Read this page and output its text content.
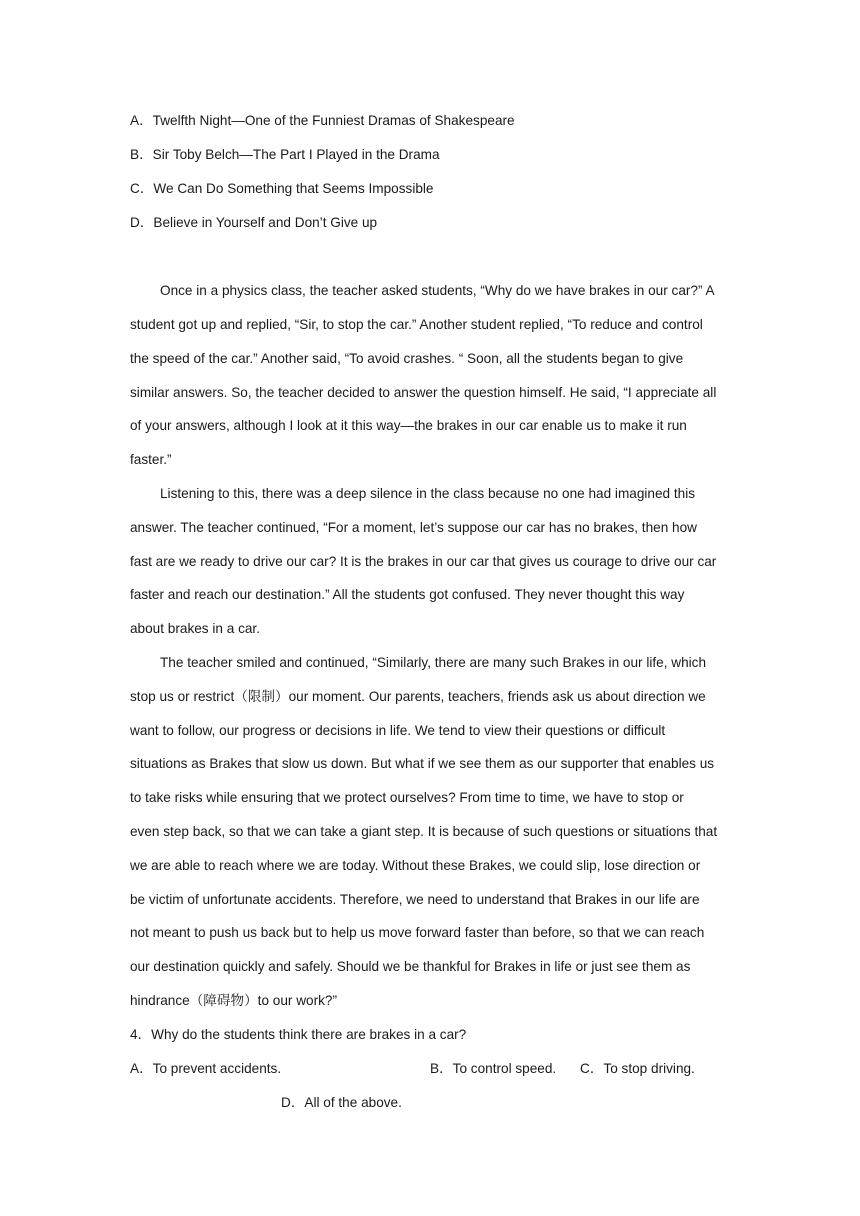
A．Twelfth Night—One of the Funniest Dramas of Shakespeare
B．Sir Toby Belch—The Part I Played in the Drama
C．We Can Do Something that Seems Impossible
D．Believe in Yourself and Don’t Give up
Once in a physics class, the teacher asked students, “Why do we have brakes in our car?” A
student got up and replied, “Sir, to stop the car.” Another student replied, “To reduce and control
the speed of the car.” Another said, “To avoid crashes. “ Soon, all the students began to give
similar answers. So, the teacher decided to answer the question himself. He said, “I appreciate all
of your answers, although I look at it this way—the brakes in our car enable us to make it run
faster.”
Listening to this, there was a deep silence in the class because no one had imagined this
answer. The teacher continued, “For a moment, let’s suppose our car has no brakes, then how
fast are we ready to drive our car? It is the brakes in our car that gives us courage to drive our car
faster and reach our destination.” All the students got confused. They never thought this way
about brakes in a car.
The teacher smiled and continued, “Similarly, there are many such Brakes in our life, which
stop us or restrict（限制）our moment. Our parents, teachers, friends ask us about direction we
want to follow, our progress or decisions in life. We tend to view their questions or difficult
situations as Brakes that slow us down. But what if we see them as our supporter that enables us
to take risks while ensuring that we protect ourselves? From time to time, we have to stop or
even step back, so that we can take a giant step. It is because of such questions or situations that
we are able to reach where we are today. Without these Brakes, we could slip, lose direction or
be victim of unfortunate accidents. Therefore, we need to understand that Brakes in our life are
not meant to push us back but to help us move forward faster than before, so that we can reach
our destination quickly and safely. Should we be thankful for Brakes in life or just see them as
hindrance（障碍物）to our work?”
4．Why do the students think there are brakes in a car?
A．To prevent accidents.	B．To control speed. C．To stop driving.
D．All of the above.
